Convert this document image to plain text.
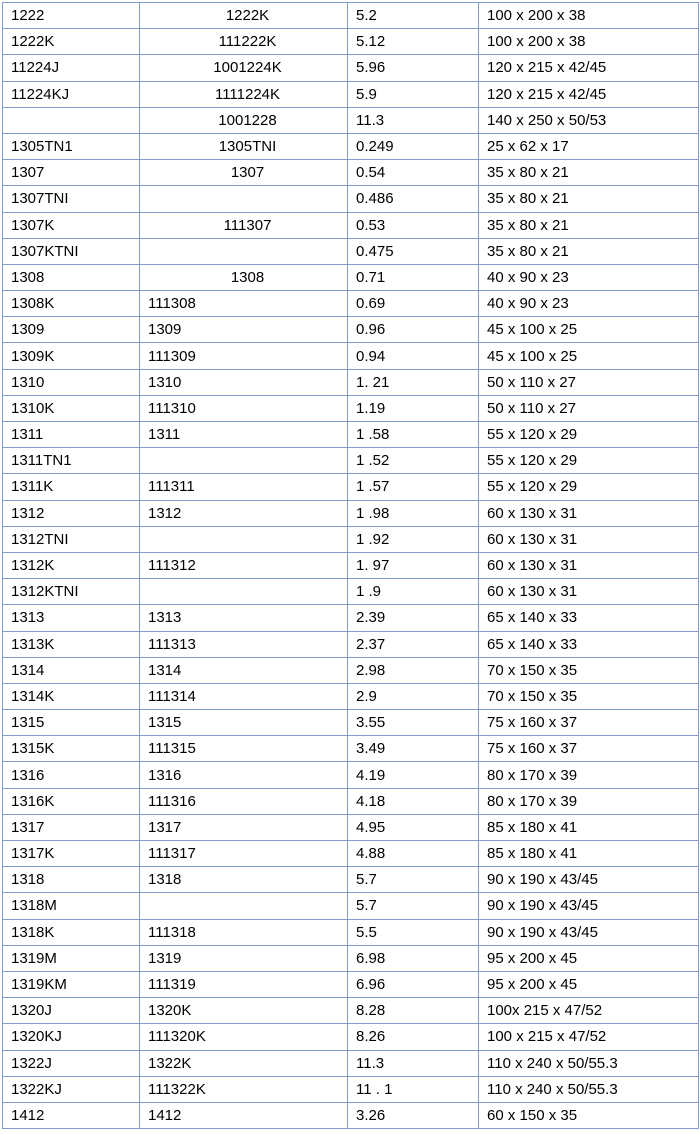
1222	1222K	5.2	100 x 200 x 38
1222K	111222K	5.12	100 x 200 x 38
11224J	1001224K	5.96	120 x 215 x 42/45
11224KJ	1111224K	5.9	120 x 215 x 42/45
	1001228	11.3	140 x 250 x 50/53
1305TN1	1305TNI	0.249	25 x 62 x 17
1307	1307	0.54	35 x 80 x 21
1307TNI		0.486	35 x 80 x 21
1307K	111307	0.53	35 x 80 x 21
1307KTNI		0.475	35 x 80 x 21
1308	1308	0.71	40 x 90 x 23
1308K	111308	0.69	40 x 90 x 23
1309	1309	0.96	45 x 100 x 25
1309K	111309	0.94	45 x 100 x 25
1310	1310	1. 21	50 x 110 x 27
1310K	111310	1.19	50 x 110 x 27
1311	1311	1 .58	55 x 120 x 29
1311TN1		1 .52	55 x 120 x 29
1311K	111311	1 .57	55 x 120 x 29
1312	1312	1 .98	60 x 130 x 31
1312TNI		1 .92	60 x 130 x 31
1312K	111312	1. 97	60 x 130 x 31
1312KTNI		1 .9	60 x 130 x 31
1313	1313	2.39	65 x 140 x 33
1313K	111313	2.37	65 x 140 x 33
1314	1314	2.98	70 x 150 x 35
1314K	111314	2.9	70 x 150 x 35
1315	1315	3.55	75 x 160 x 37
1315K	111315	3.49	75 x 160 x 37
1316	1316	4.19	80 x 170 x 39
1316K	111316	4.18	80 x 170 x 39
1317	1317	4.95	85 x 180 x 41
1317K	111317	4.88	85 x 180 x 41
1318	1318	5.7	90 x 190 x 43/45
1318M		5.7	90 x 190 x 43/45
1318K	111318	5.5	90 x 190 x 43/45
1319M	1319	6.98	95 x 200 x 45
1319KM	111319	6.96	95 x 200 x 45
1320J	1320K	8.28	100x 215 x 47/52
1320KJ	111320K	8.26	100 x 215 x 47/52
1322J	1322K	11.3	110 x 240 x 50/55.3
1322KJ	111322K	11 . 1	110 x 240 x 50/55.3
1412	1412	3.26	60 x 150 x 35
